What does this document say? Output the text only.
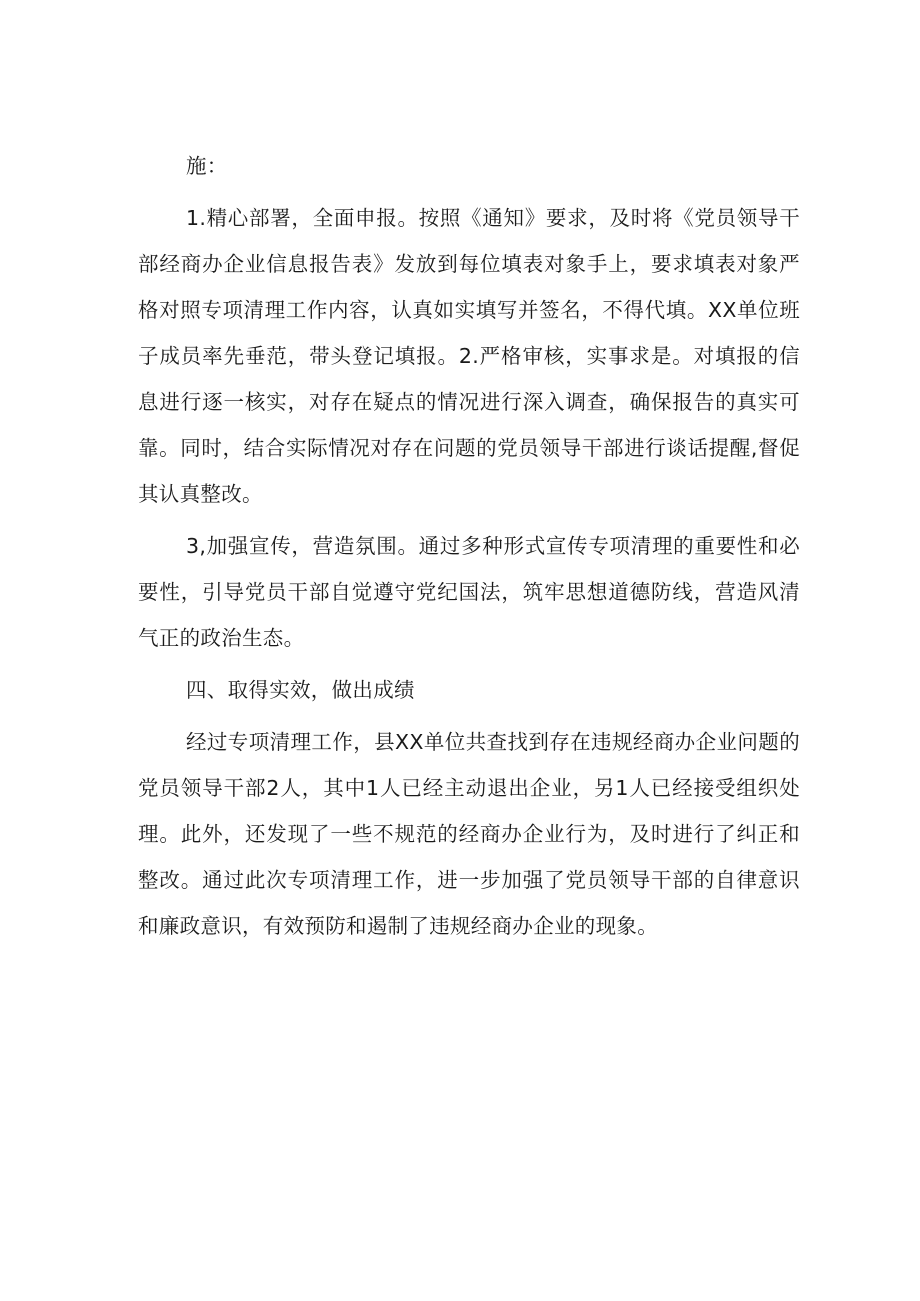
施：

1.精心部署，全面申报。按照《通知》要求，及时将《党员领导干部经商办企业信息报告表》发放到每位填表对象手上，要求填表对象严格对照专项清理工作内容，认真如实填写并签名，不得代填。XX单位班子成员率先垂范，带头登记填报。2.严格审核，实事求是。对填报的信息进行逐一核实，对存在疑点的情况进行深入调查，确保报告的真实可靠。同时，结合实际情况对存在问题的党员领导干部进行谈话提醒,督促其认真整改。

3,加强宣传，营造氛围。通过多种形式宣传专项清理的重要性和必要性，引导党员干部自觉遵守党纪国法，筑牢思想道德防线，营造风清气正的政治生态。

四、取得实效，做出成绩

经过专项清理工作，县XX单位共查找到存在违规经商办企业问题的党员领导干部2人，其中1人已经主动退出企业，另1人已经接受组织处理。此外，还发现了一些不规范的经商办企业行为，及时进行了纠正和整改。通过此次专项清理工作，进一步加强了党员领导干部的自律意识和廉政意识，有效预防和遏制了违规经商办企业的现象。
